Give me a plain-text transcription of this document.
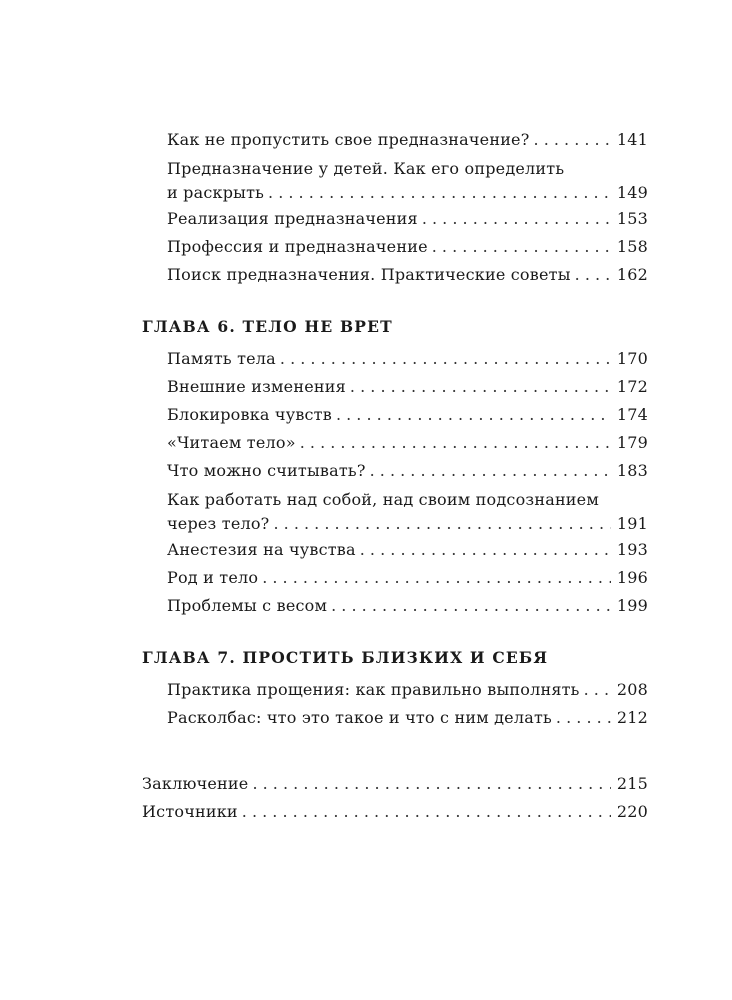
Как не пропустить свое предназначение? . . .	141
Предназначение у детей. Как его определить
и раскрыть . . .	149
Реализация предназначения . . .	153
Профессия и предназначение . . .	158
Поиск предназначения. Практические советы . . .	162
ГЛАВА 6. ТЕЛО НЕ ВРЕТ
Память тела . . .	170
Внешние изменения . . .	172
Блокировка чувств . . .	174
«Читаем тело» . . .	179
Что можно считывать? . . .	183
Как работать над собой, над своим подсознанием
через тело? . . .	191
Анестезия на чувства . . .	193
Род и тело . . .	196
Проблемы с весом . . .	199
ГЛАВА 7. ПРОСТИТЬ БЛИЗКИХ И СЕБЯ
Практика прощения: как правильно выполнять . . . 208
Расколбас: что это такое и что с ним делать . . .	212
Заключение . . .	215
Источники . . .	220
